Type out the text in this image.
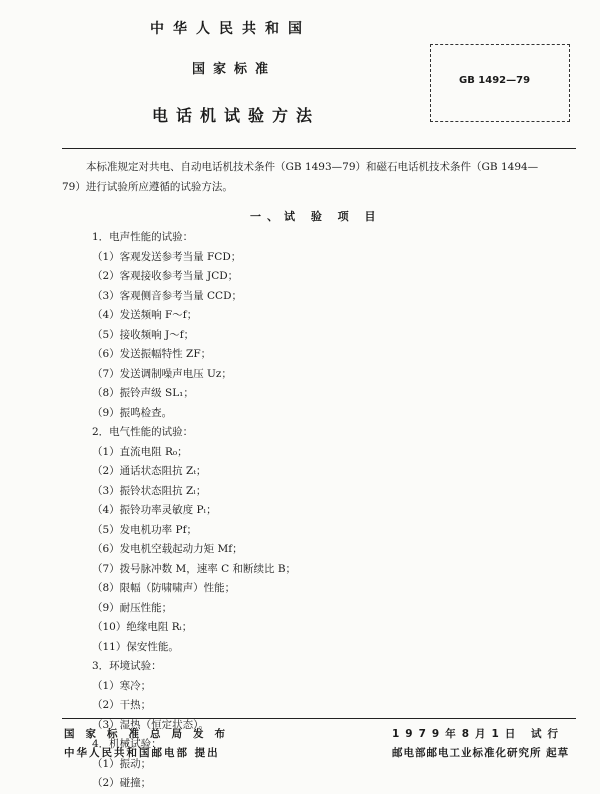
中华人民共和国
国家标准
电话机试验方法
GB 1492—79
本标准规定对共电、自动电话机技术条件（GB 1493—79）和磁石电话机技术条件（GB 1494—
79）进行试验所应遵循的试验方法。
一、试 验 项 目
1．电声性能的试验：
（1）客观发送参考当量 FCD；
（2）客观接收参考当量 JCD；
（3）客观侧音参考当量 CCD；
（4）发送频响 F～f；
（5）接收频响 J～f；
（6）发送振幅特性 ZF；
（7）发送调制噪声电压 Uz；
（8）振铃声级 SL₁；
（9）振鸣检查。
2．电气性能的试验：
（1）直流电阻 R₀；
（2）通话状态阻抗 Zₜ；
（3）振铃状态阻抗 Zₗ；
（4）振铃功率灵敏度 Pₗ；
（5）发电机功率 Pf；
（6）发电机空载起动力矩 Mf；
（7）拨号脉冲数 M，速率 C 和断续比 B；
（8）限幅（防啸啸声）性能；
（9）耐压性能；
（10）绝缘电阻 Rᵢ；
（11）保安性能。
3．环境试验：
（1）寒冷；
（2）干热；
（3）湿热（恒定状态）。
4．机械试验：
（1）振动；
（2）碰撞；
国家标准总局发布
中华人民共和国邮电部 提出
1979年8月1日 试行
邮电部邮电工业标准化研究所 起草
